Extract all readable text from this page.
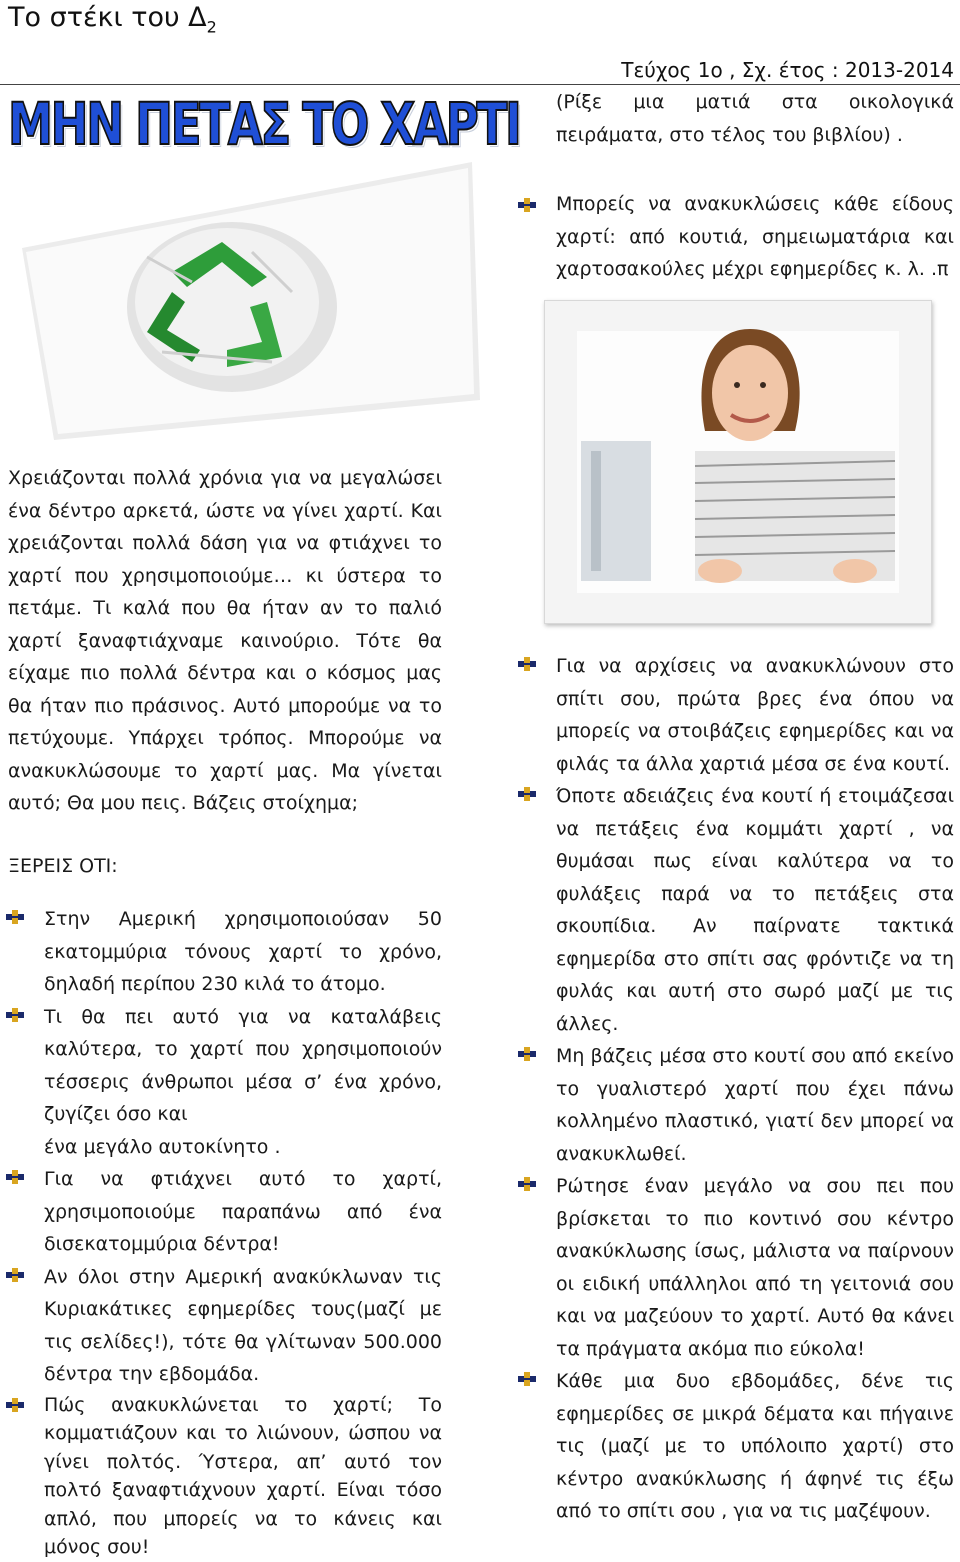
Το στέκι του $\Delta_2$
Τεύχος 1ο , Σχ. έτος : 2013-2014
ΜΗΝ ΠΕΤΑΣ ΤΟ ΧΑΡΤΙ (Ρίξε μια ματιά στα οικολογικά πειράματα, στο τέλος του βιβλίου) .

Μπορείς να ανακυκλώσεις κάθε είδους χαρτί: από κουτιά, σημειωματάρια και χαρτοσακούλες μέχρι εφημερίδες κ. λ. .π

Χρειάζονται πολλά χρόνια για να μεγαλώσει ένα δέντρο αρκετά, ώστε να γίνει χαρτί. Και χρειάζονται πολλά δάση για να φτιάχνει το χαρτί που χρησιμοποιούμε… κι ύστερα το πετάμε. Τι καλά που θα ήταν αν το παλιό χαρτί ξαναφτιάχναμε καινούριο. Τότε θα είχαμε πιο πολλά δέντρα και ο κόσμος μας θα ήταν πιο πράσινος. Αυτό μπορούμε να το πετύχουμε. Υπάρχει τρόπος. Μπορούμε να ανακυκλώσουμε το χαρτί μας. Μα γίνεται αυτό; Θα μου πεις. Βάζεις στοίχημα;

ΞΕΡΕΙΣ ΟΤΙ:

Στην Αμερική χρησιμοποιούσαν 50 εκατομμύρια τόνους χαρτί το χρόνο, δηλαδή περίπου 230 κιλά το άτομο.

Τι θα πει αυτό για να καταλάβεις καλύτερα, το χαρτί που χρησιμοποιούν τέσσερις άνθρωποι μέσα σ’ ένα χρόνο, ζυγίζει όσο και

ένα μεγάλο αυτοκίνητο .

Για να φτιάχνει αυτό το χαρτί, χρησιμοποιούμε παραπάνω από ένα δισεκατομμύρια δέντρα!

Αν όλοι στην Αμερική ανακύκλωναν τις Κυριακάτικες εφημερίδες τους(μαζί με τις σελίδες!), τότε θα γλίτωναν 500.000 δέντρα την εβδομάδα.

Πώς ανακυκλώνεται το χαρτί; Το κομματιάζουν και το λιώνουν, ώσπου να γίνει πολτός. Ύστερα, απ’ αυτό τον πολτό ξαναφτιάχνουν χαρτί. Είναι τόσο απλό, που μπορείς να το κάνεις και μόνος σου!

Για να αρχίσεις να ανακυκλώνουν στο σπίτι σου, πρώτα βρες ένα όπου να μπορείς να στοιβάζεις εφημερίδες και να φιλάς τα άλλα χαρτιά μέσα σε ένα κουτί.

Όποτε αδειάζεις ένα κουτί ή ετοιμάζεσαι να πετάξεις ένα κομμάτι χαρτί , να θυμάσαι πως είναι καλύτερα να το φυλάξεις παρά να το πετάξεις στα σκουπίδια. Αν παίρνατε τακτικά εφημερίδα στο σπίτι σας φρόντιζε να τη φυλάς και αυτή στο σωρό μαζί με τις άλλες.

Μη βάζεις μέσα στο κουτί σου από εκείνο το γυαλιστερό χαρτί που έχει πάνω κολλημένο πλαστικό, γιατί δεν μπορεί να ανακυκλωθεί.

Ρώτησε έναν μεγάλο να σου πει που βρίσκεται το πιο κοντινό σου κέντρο ανακύκλωσης ίσως, μάλιστα να παίρνουν οι ειδική υπάλληλοι από τη γειτονιά σου και να μαζεύουν το χαρτί. Αυτό θα κάνει τα πράγματα ακόμα πιο εύκολα!

Κάθε μια δυο εβδομάδες, δένε τις εφημερίδες σε μικρά δέματα και πήγαινε τις (μαζί με το υπόλοιπο χαρτί) στο κέντρο ανακύκλωσης ή άφηνέ τις έξω από το σπίτι σου , για να τις μαζέψουν.
